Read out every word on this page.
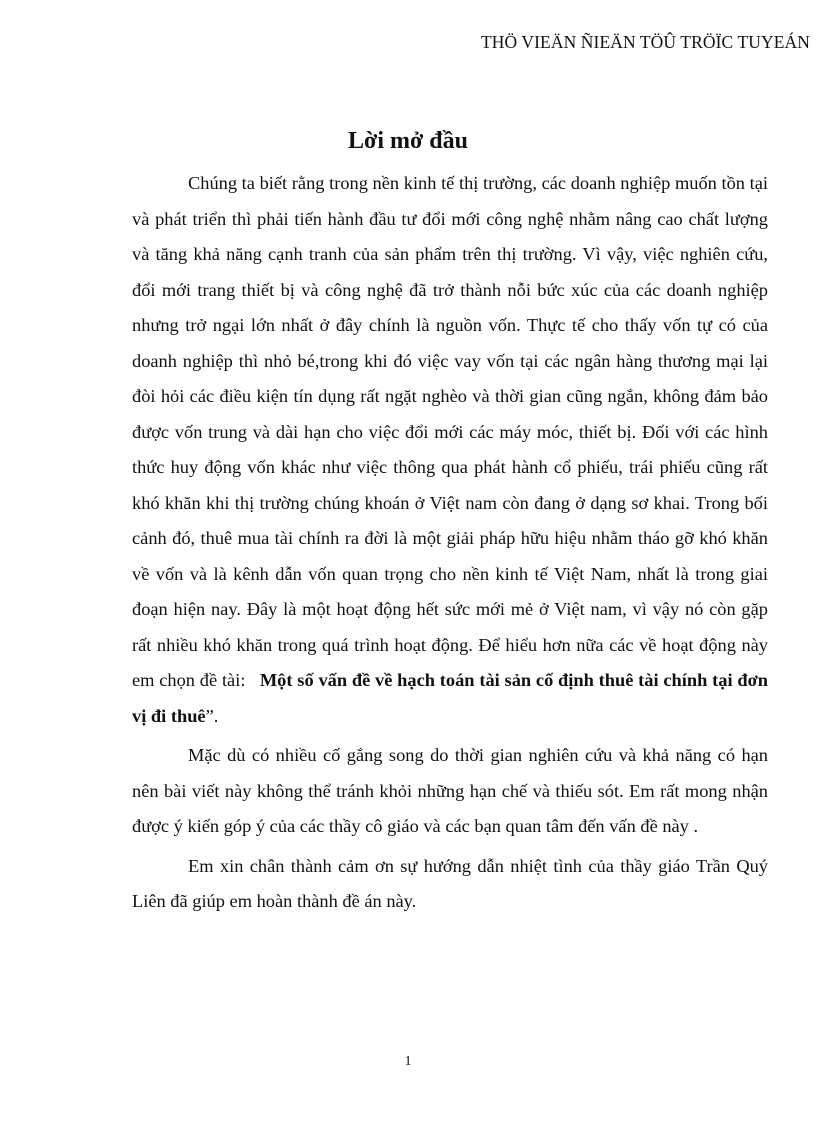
THÖ VIEÄN ÑIEÄN TÖÛ TRÖÏC TUYEÁN
Lời mở đầu

Chúng ta biết rằng trong nền kinh tế thị trường, các doanh nghiệp muốn tồn tại và phát triển thì phải tiến hành đầu tư đổi mới công nghệ nhằm nâng cao chất lượng và tăng khả năng cạnh tranh của sản phẩm trên thị trường. Vì vậy, việc nghiên cứu, đổi mới trang thiết bị và công nghệ đã trở thành nỗi bức xúc của các doanh nghiệp nhưng trở ngại lớn nhất ở đây chính là nguồn vốn. Thực tế cho thấy vốn tự có của doanh nghiệp thì nhỏ bé,trong khi đó việc vay vốn tại các ngân hàng thương mại lại đòi hỏi các điều kiện tín dụng rất ngặt nghèo và thời gian cũng ngắn, không đảm bảo được vốn trung và dài hạn cho việc đổi mới các máy móc, thiết bị. Đối với các hình thức huy động vốn khác như việc thông qua phát hành cổ phiếu, trái phiếu cũng rất khó khăn khi thị trường chúng khoán ở Việt nam còn đang ở dạng sơ khai. Trong bối cảnh đó, thuê mua tài chính ra đời là một giải pháp hữu hiệu nhằm tháo gỡ khó khăn về vốn và là kênh dẫn vốn quan trọng cho nền kinh tế Việt Nam, nhất là trong giai đoạn hiện nay. Đây là một hoạt động hết sức mới mẻ ở Việt nam, vì vậy nó còn gặp rất nhiều khó khăn trong quá trình hoạt động. Để hiểu hơn nữa các về hoạt động này em chọn đề tài: Một số vấn đề về hạch toán tài sản cố định thuê tài chính tại đơn vị đi thuê”.

Mặc dù có nhiều cố gắng song do thời gian nghiên cứu và khả năng có hạn nên bài viết này không thể tránh khỏi những hạn chế và thiếu sót. Em rất mong nhận được ý kiến góp ý của các thầy cô giáo và các bạn quan tâm đến vấn đề này .

Em xin chân thành cảm ơn sự hướng dẫn nhiệt tình của thầy giáo Trần Quý Liên đã giúp em hoàn thành đề án này.

1
